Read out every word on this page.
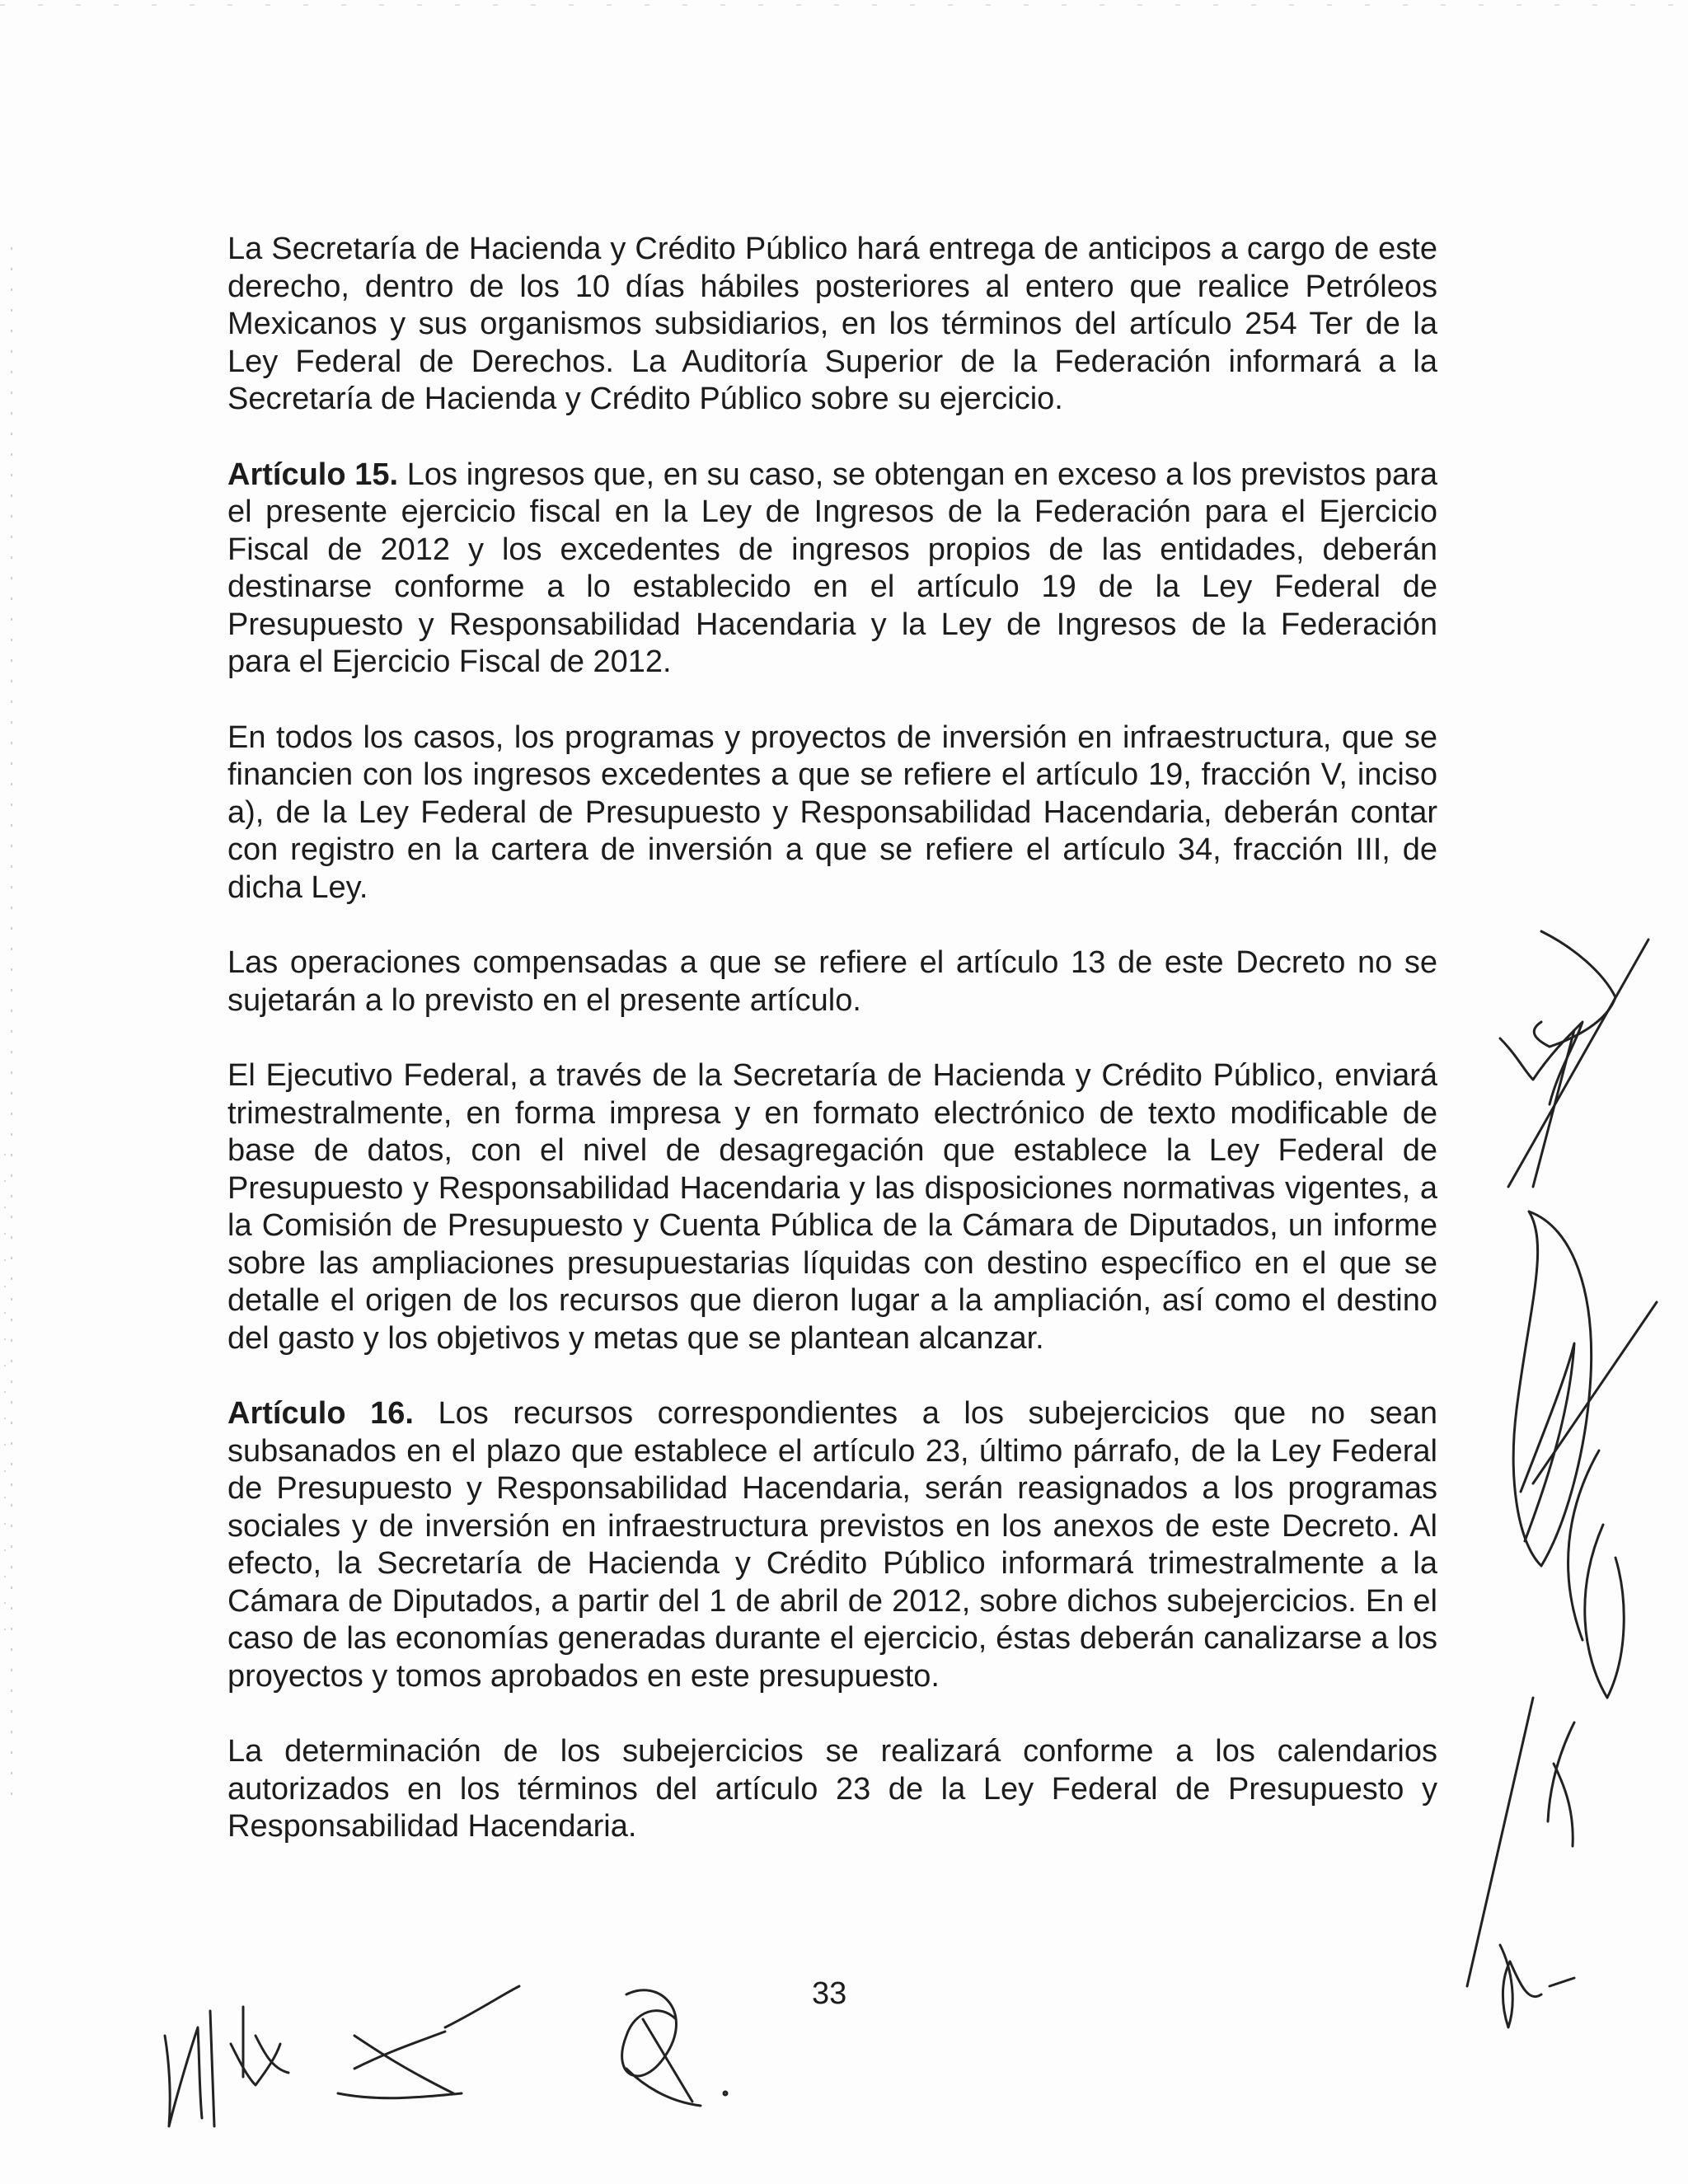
La Secretaría de Hacienda y Crédito Público hará entrega de anticipos a cargo de este derecho, dentro de los 10 días hábiles posteriores al entero que realice Petróleos Mexicanos y sus organismos subsidiarios, en los términos del artículo 254 Ter de la Ley Federal de Derechos. La Auditoría Superior de la Federación informará a la Secretaría de Hacienda y Crédito Público sobre su ejercicio.

Artículo 15. Los ingresos que, en su caso, se obtengan en exceso a los previstos para el presente ejercicio fiscal en la Ley de Ingresos de la Federación para el Ejercicio Fiscal de 2012 y los excedentes de ingresos propios de las entidades, deberán destinarse conforme a lo establecido en el artículo 19 de la Ley Federal de Presupuesto y Responsabilidad Hacendaria y la Ley de Ingresos de la Federación para el Ejercicio Fiscal de 2012.

En todos los casos, los programas y proyectos de inversión en infraestructura, que se financien con los ingresos excedentes a que se refiere el artículo 19, fracción V, inciso a), de la Ley Federal de Presupuesto y Responsabilidad Hacendaria, deberán contar con registro en la cartera de inversión a que se refiere el artículo 34, fracción III, de dicha Ley.

Las operaciones compensadas a que se refiere el artículo 13 de este Decreto no se sujetarán a lo previsto en el presente artículo.

El Ejecutivo Federal, a través de la Secretaría de Hacienda y Crédito Público, enviará trimestralmente, en forma impresa y en formato electrónico de texto modificable de base de datos, con el nivel de desagregación que establece la Ley Federal de Presupuesto y Responsabilidad Hacendaria y las disposiciones normativas vigentes, a la Comisión de Presupuesto y Cuenta Pública de la Cámara de Diputados, un informe sobre las ampliaciones presupuestarias líquidas con destino específico en el que se detalle el origen de los recursos que dieron lugar a la ampliación, así como el destino del gasto y los objetivos y metas que se plantean alcanzar.

Artículo 16. Los recursos correspondientes a los subejercicios que no sean subsanados en el plazo que establece el artículo 23, último párrafo, de la Ley Federal de Presupuesto y Responsabilidad Hacendaria, serán reasignados a los programas sociales y de inversión en infraestructura previstos en los anexos de este Decreto. Al efecto, la Secretaría de Hacienda y Crédito Público informará trimestralmente a la Cámara de Diputados, a partir del 1 de abril de 2012, sobre dichos subejercicios. En el caso de las economías generadas durante el ejercicio, éstas deberán canalizarse a los proyectos y tomos aprobados en este presupuesto.

La determinación de los subejercicios se realizará conforme a los calendarios autorizados en los términos del artículo 23 de la Ley Federal de Presupuesto y Responsabilidad Hacendaria.

33
